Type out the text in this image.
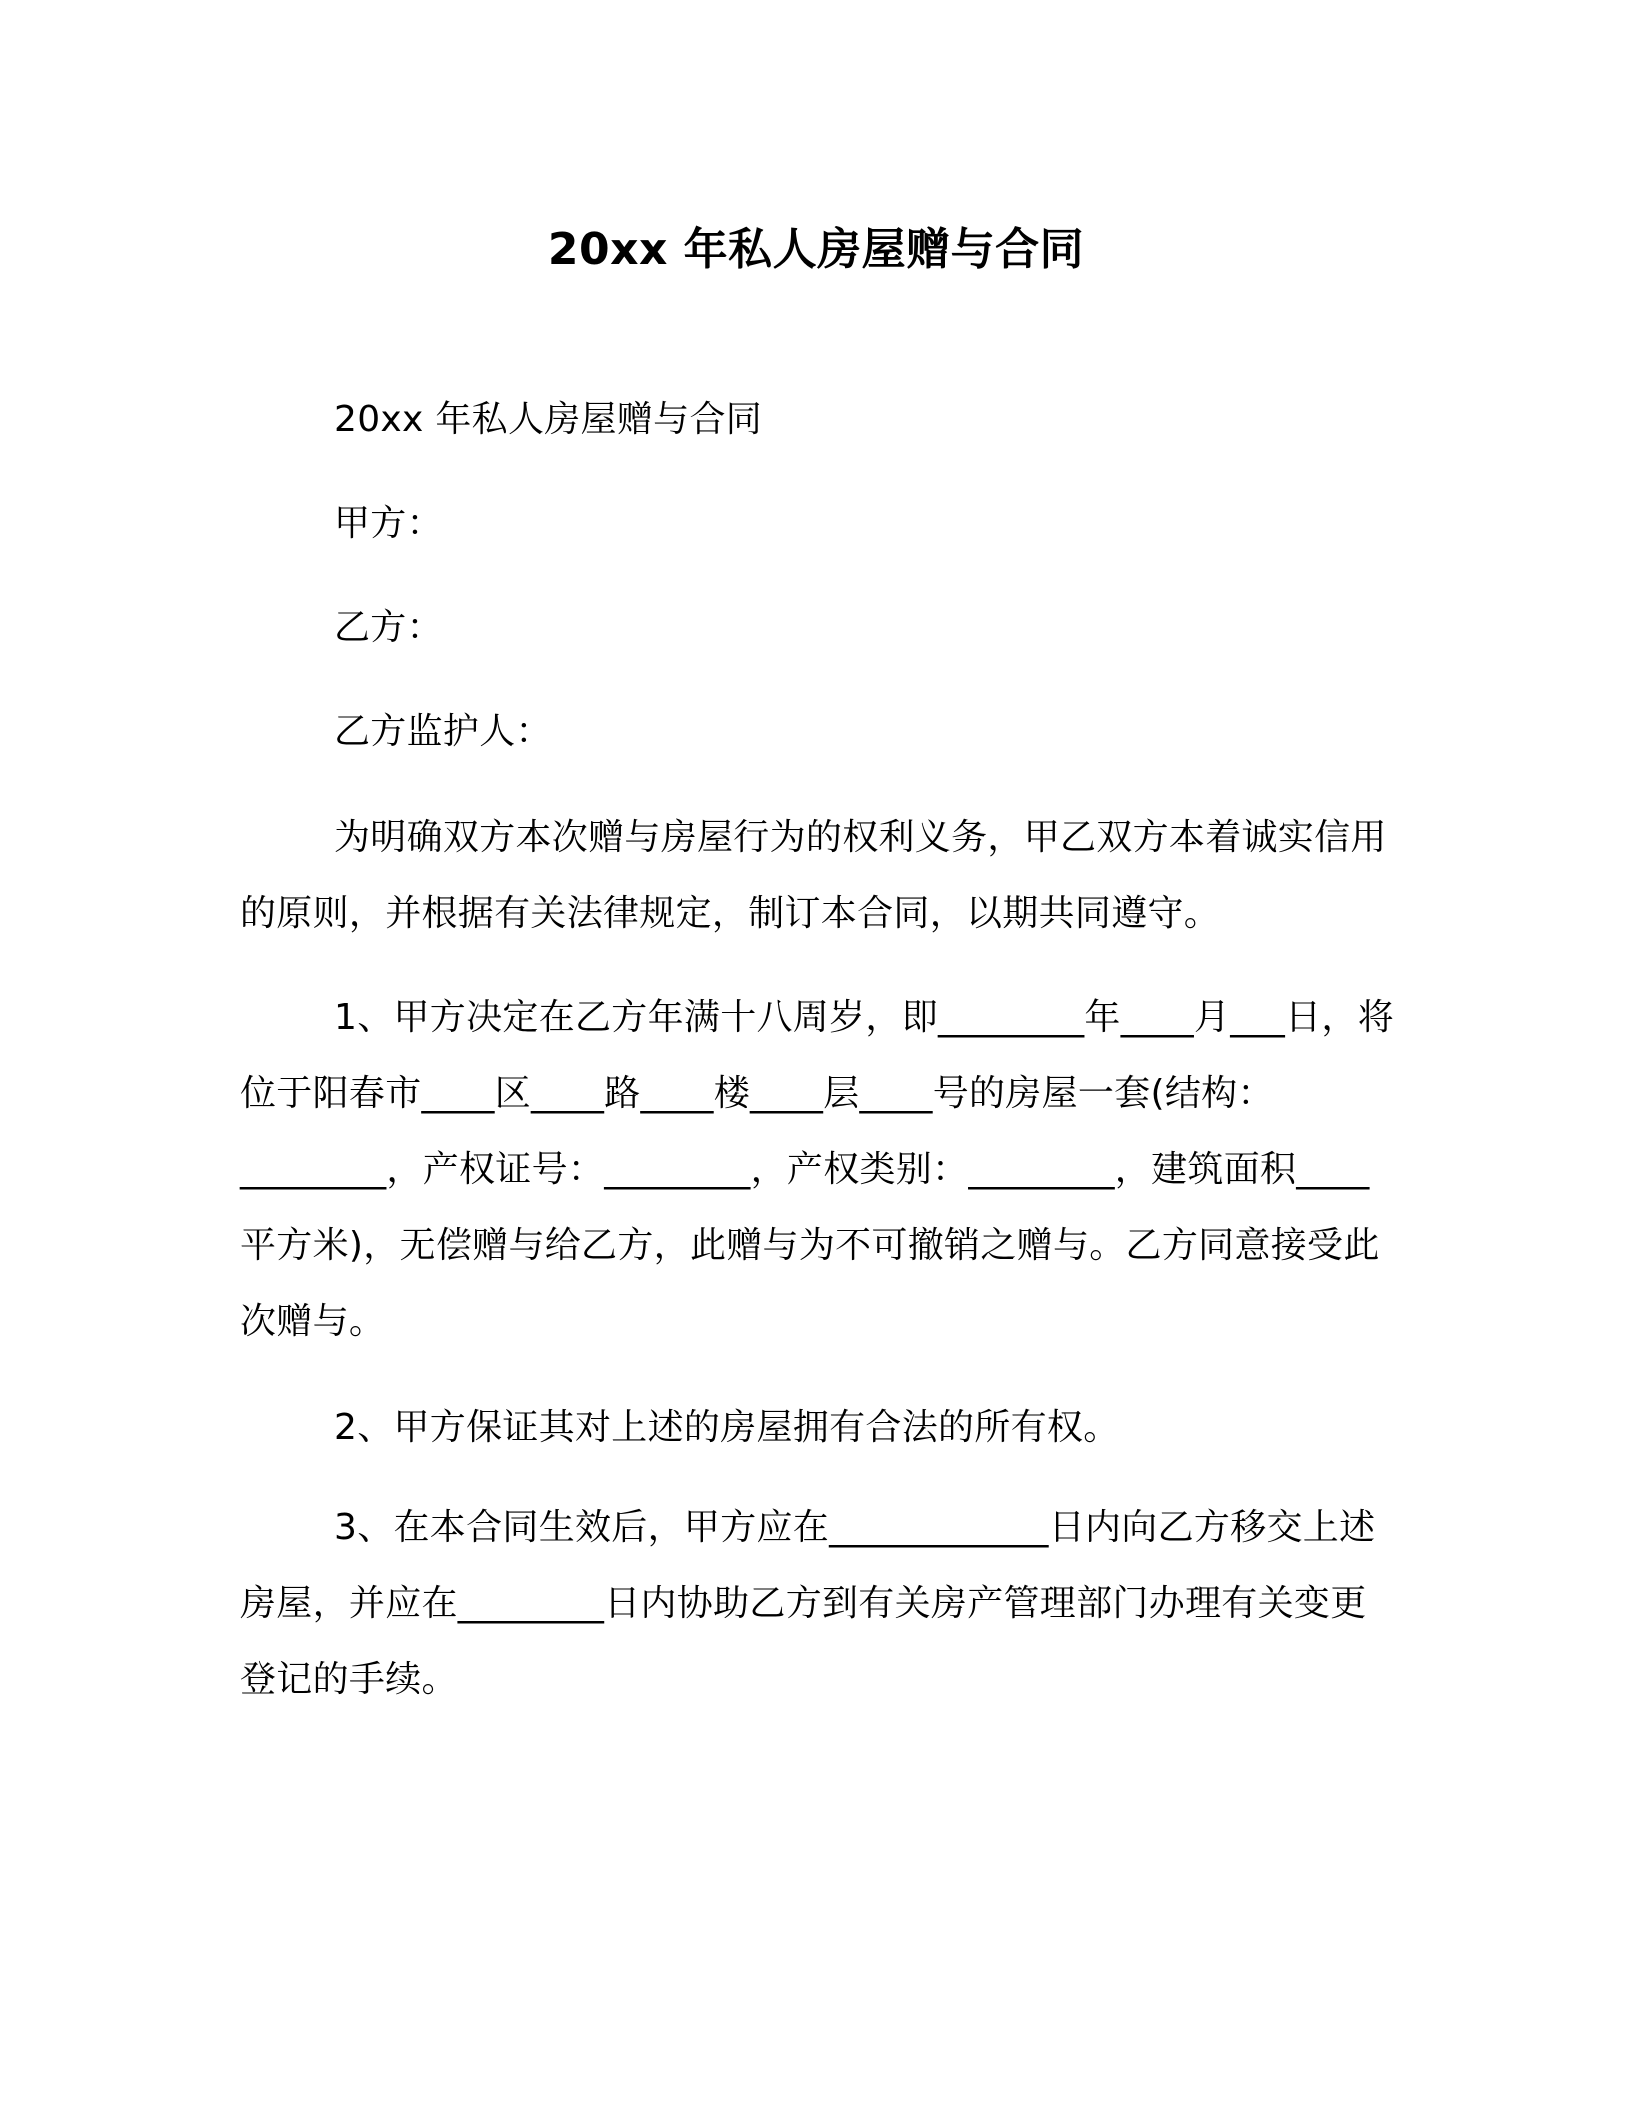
20xx 年私人房屋赠与合同
20xx 年私人房屋赠与合同
甲方：
乙方：
乙方监护人：
为明确双方本次赠与房屋行为的权利义务，甲乙双方本着诚实信用的原则，并根据有关法律规定，制订本合同，以期共同遵守。
1、甲方决定在乙方年满十八周岁，即________年____月___日，将位于阳春市____区____路____楼____层____号的房屋一套(结构：________，产权证号：________，产权类别：________，建筑面积____平方米)，无偿赠与给乙方，此赠与为不可撤销之赠与。乙方同意接受此次赠与。
2、甲方保证其对上述的房屋拥有合法的所有权。
3、在本合同生效后，甲方应在____________日内向乙方移交上述房屋，并应在________日内协助乙方到有关房产管理部门办理有关变更登记的手续。
